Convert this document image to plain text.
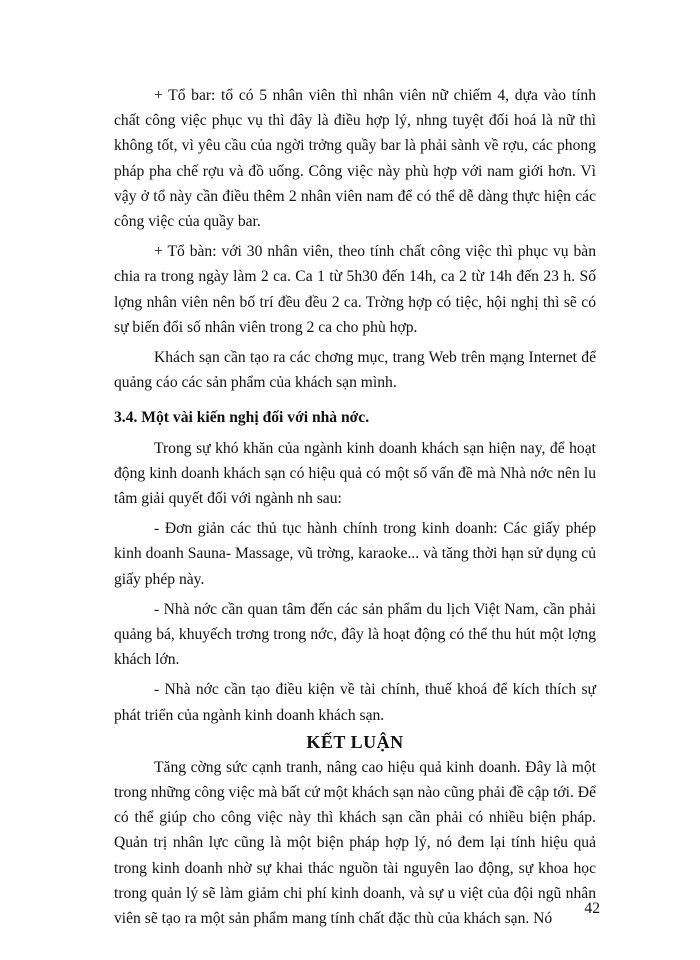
+ Tổ bar: tổ có 5 nhân viên thì nhân viên nữ chiếm 4, dựa vào tính chất công việc phục vụ thì đây là điều hợp lý, nhng tuyệt đối hoá là nữ thì không tốt, vì yêu cầu của ngời trởng quầy bar là phải sành về rợu, các phong pháp pha chế rợu và đồ uống. Công việc này phù hợp với nam giới hơn. Vì vậy ở tổ này cần điều thêm 2 nhân viên nam để có thể dễ dàng thực hiện các công việc của quầy bar.

+ Tổ bàn: với 30 nhân viên, theo tính chất công việc thì phục vụ bàn chia ra trong ngày làm 2 ca. Ca 1 từ 5h30 đến 14h, ca 2 từ 14h đến 23 h. Số lợng nhân viên nên bố trí đều đều 2 ca. Trờng hợp có tiệc, hội nghị thì sẽ có sự biến đổi số nhân viên trong 2 ca cho phù hợp.

Khách sạn cần tạo ra các chơng mục, trang Web trên mạng Internet để quảng cáo các sản phẩm của khách sạn mình.

3.4. Một vài kiến nghị đối với nhà nớc.

Trong sự khó khăn của ngành kinh doanh khách sạn hiện nay, để hoạt động kinh doanh khách sạn có hiệu quả có một số vấn đề mà Nhà nớc nên lu tâm giải quyết đối với ngành nh sau:

- Đơn giản các thủ tục hành chính trong kinh doanh: Các giấy phép kinh doanh Sauna- Massage, vũ trờng, karaoke... và tăng thời hạn sử dụng củ giấy phép này.

- Nhà nớc cần quan tâm đến các sản phẩm du lịch Việt Nam, cần phải quảng bá, khuyếch trơng trong nớc, đây là hoạt động có thể thu hút một lợng khách lớn.

- Nhà nớc cần tạo điều kiện về tài chính, thuế khoá để kích thích sự phát triển của ngành kinh doanh khách sạn.

KẾT LUẬN

Tăng cờng sức cạnh tranh, nâng cao hiệu quả kinh doanh. Đây là một trong những công việc mà bất cứ một khách sạn nào cũng phải đề cập tới. Để có thể giúp cho công việc này thì khách sạn cần phải có nhiều biện pháp. Quản trị nhân lực cũng là một biện pháp hợp lý, nó đem lại tính hiệu quả trong kinh doanh nhờ sự khai thác nguồn tài nguyên lao động, sự khoa học trong quản lý sẽ làm giảm chi phí kinh doanh, và sự u việt của đội ngũ nhân viên sẽ tạo ra một sản phẩm mang tính chất đặc thù của khách sạn. Nó

42
